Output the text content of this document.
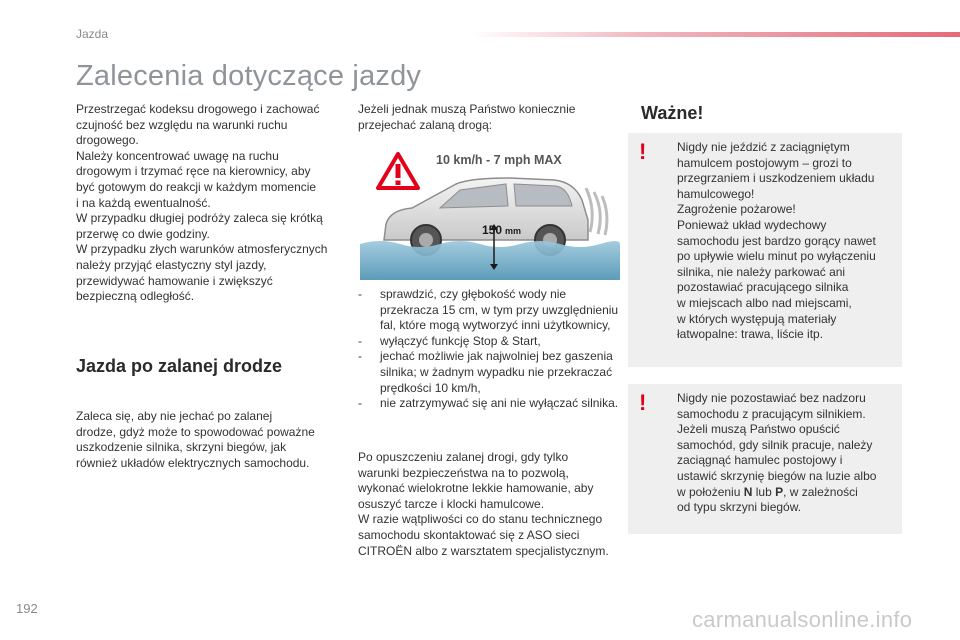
Jazda
Zalecenia dotyczące jazdy

Przestrzegać kodeksu drogowego i zachować
czujność bez względu na warunki ruchu
drogowego.
Należy koncentrować uwagę na ruchu
drogowym i trzymać ręce na kierownicy, aby
być gotowym do reakcji w każdym momencie
i na każdą ewentualność.
W przypadku długiej podróży zaleca się krótką
przerwę co dwie godziny.
W przypadku złych warunków atmosferycznych
należy przyjąć elastyczny styl jazdy,
przewidywać hamowanie i zwiększyć
bezpieczną odległość.

Jazda po zalanej drodze

Zaleca się, aby nie jechać po zalanej
drodze, gdyż może to spowodować poważne
uszkodzenie silnika, skrzyni biegów, jak
również układów elektrycznych samochodu.

Jeżeli jednak muszą Państwo koniecznie
przejechać zalaną drogą:

10 km/h - 7 mph MAX
150 mm
- sprawdzić, czy głębokość wody nie przekracza 15 cm, w tym przy uwzględnieniu fal, które mogą wytworzyć inni użytkownicy,
- wyłączyć funkcję Stop & Start,
- jechać możliwie jak najwolniej bez gaszenia silnika; w żadnym wypadku nie przekraczać prędkości 10 km/h,
- nie zatrzymywać się ani nie wyłączać silnika.

Po opuszczeniu zalanej drogi, gdy tylko
warunki bezpieczeństwa na to pozwolą,
wykonać wielokrotne lekkie hamowanie, aby
osuszyć tarcze i klocki hamulcowe.
W razie wątpliwości co do stanu technicznego
samochodu skontaktować się z ASO sieci
CITROËN albo z warsztatem specjalistycznym.

Ważne!
!	Nigdy nie jeździć z zaciągniętym
hamulcem postojowym – grozi to
przegrzaniem i uszkodzeniem układu
hamulcowego!
Zagrożenie pożarowe!
Ponieważ układ wydechowy
samochodu jest bardzo gorący nawet
po upływie wielu minut po wyłączeniu
silnika, nie należy parkować ani
pozostawiać pracującego silnika
w miejscach albo nad miejscami,
w których występują materiały
łatwopalne: trawa, liście itp.
!	Nigdy nie pozostawiać bez nadzoru
samochodu z pracującym silnikiem.
Jeżeli muszą Państwo opuścić
samochód, gdy silnik pracuje, należy
zaciągnąć hamulec postojowy i
ustawić skrzynię biegów na luzie albo
w położeniu N lub P, w zależności
od typu skrzyni biegów.
192	carmanualsonline.info
